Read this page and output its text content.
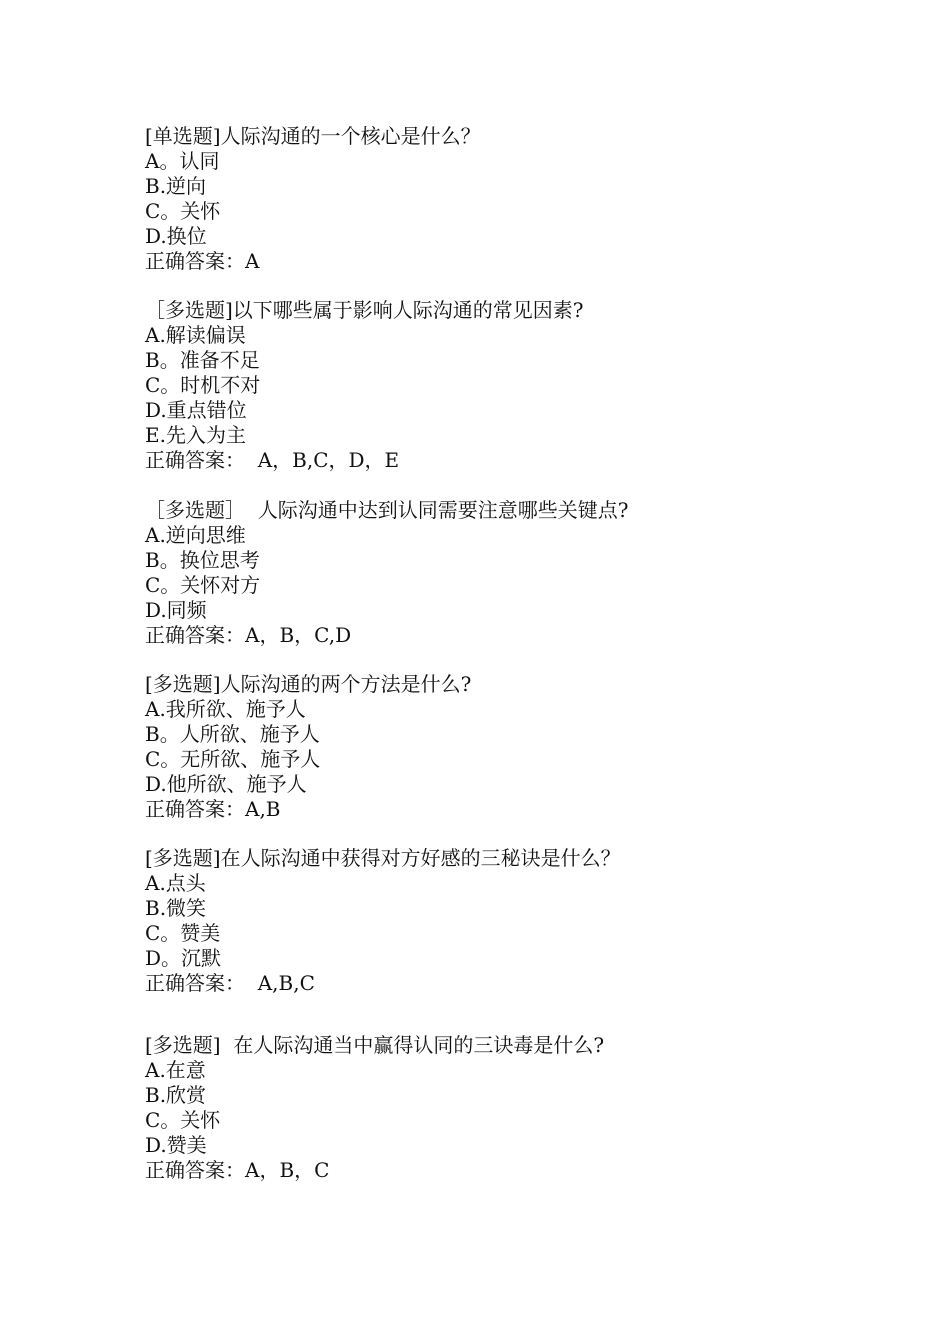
[单选题]人际沟通的一个核心是什么？
A。认同
B.逆向
C。关怀
D.换位
正确答案：A
［多选题]以下哪些属于影响人际沟通的常见因素?
A.解读偏误
B。准备不足
C。时机不对
D.重点错位
E.先入为主
正确答案：  A，B,C，D，E
［多选题］  人际沟通中达到认同需要注意哪些关键点?
A.逆向思维
B。换位思考
C。关怀对方
D.同频
正确答案：A，B，C,D
[多选题]人际沟通的两个方法是什么?
A.我所欲、施予人
B。人所欲、施予人
C。无所欲、施予人
D.他所欲、施予人
正确答案：A,B
[多选题]在人际沟通中获得对方好感的三秘诀是什么？
A.点头
B.微笑
C。赞美
D。沉默
正确答案：  A,B,C
[多选题]  在人际沟通当中赢得认同的三诀毒是什么?
A.在意
B.欣赏
C。关怀
D.赞美
正确答案：A，B，C
